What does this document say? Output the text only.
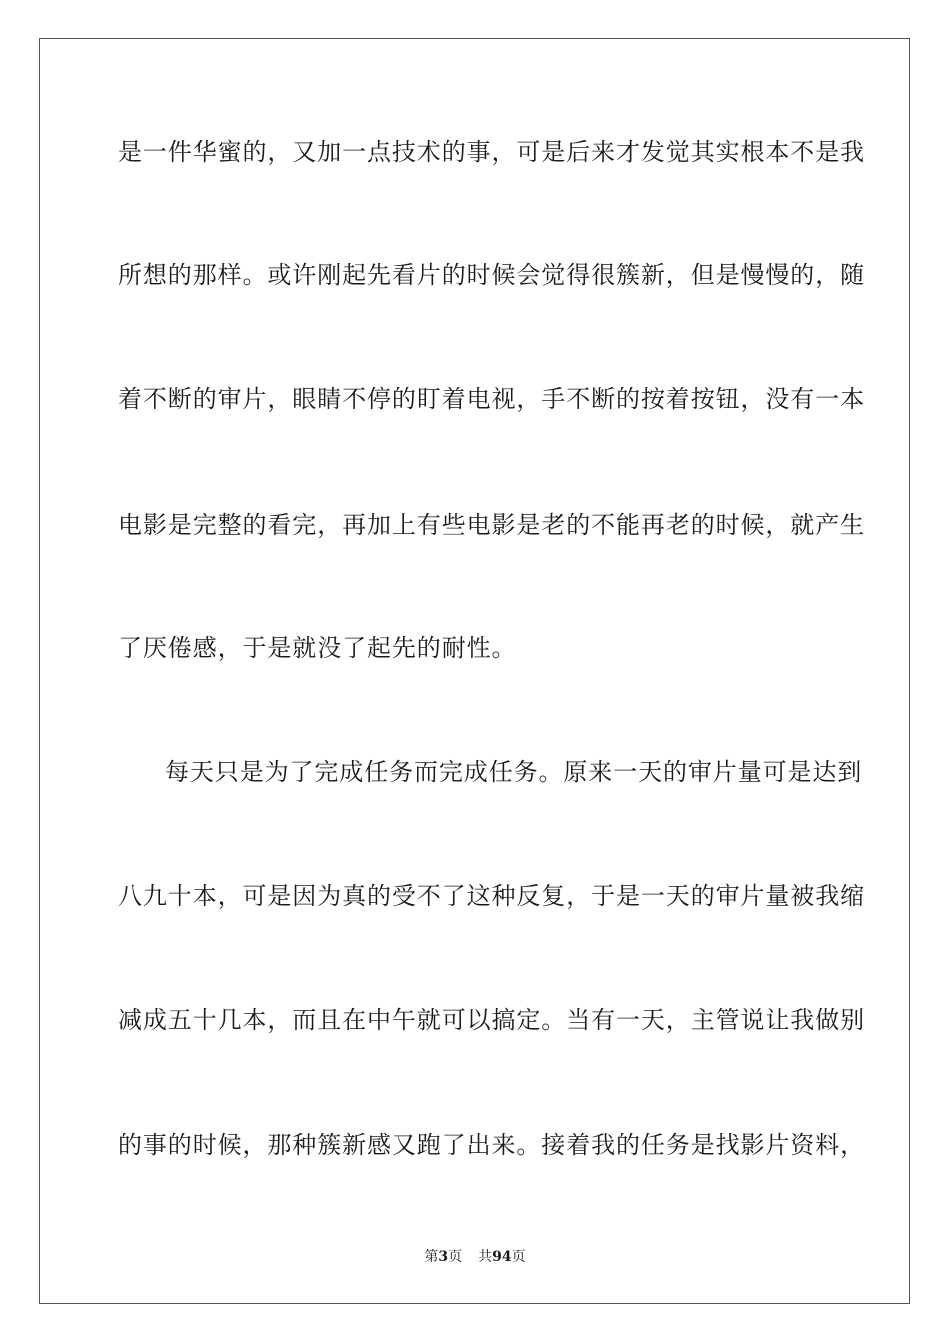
是一件华蜜的，又加一点技术的事，可是后来才发觉其实根本不是我
所想的那样。或许刚起先看片的时候会觉得很簇新，但是慢慢的，随
着不断的审片，眼睛不停的盯着电视，手不断的按着按钮，没有一本
电影是完整的看完，再加上有些电影是老的不能再老的时候，就产生
了厌倦感，于是就没了起先的耐性。
每天只是为了完成任务而完成任务。原来一天的审片量可是达到
八九十本，可是因为真的受不了这种反复，于是一天的审片量被我缩
减成五十几本，而且在中午就可以搞定。当有一天，主管说让我做别
的事的时候，那种簇新感又跑了出来。接着我的任务是找影片资料，
第3页 共94页
